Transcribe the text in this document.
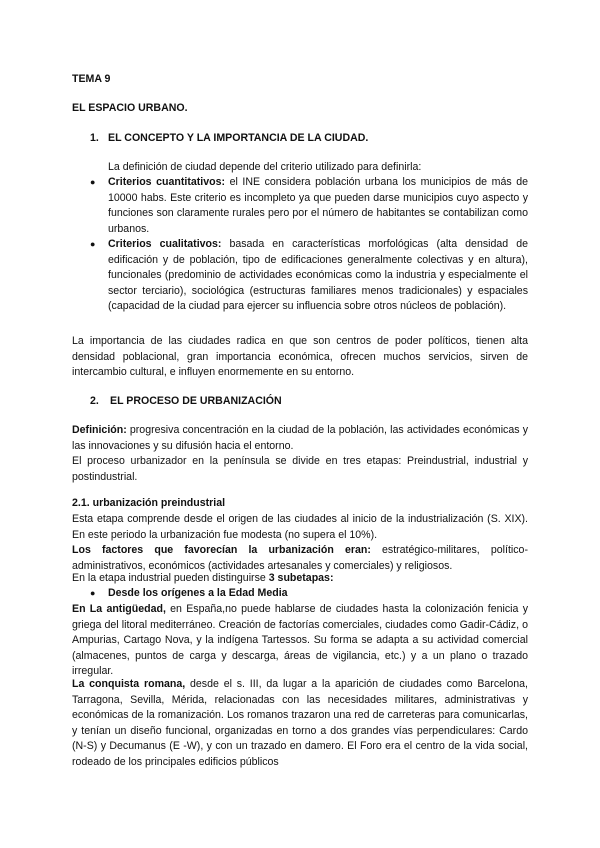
TEMA 9
EL ESPACIO URBANO.
1. EL CONCEPTO Y LA IMPORTANCIA DE LA CIUDAD.
La definición de ciudad depende del criterio utilizado para definirla:
●	Criterios cuantitativos: el INE considera población urbana los municipios de más de 10000 habs. Este criterio es incompleto ya que pueden darse municipios cuyo aspecto y funciones son claramente rurales pero por el número de habitantes se contabilizan como urbanos.
●	Criterios cualitativos: basada en características morfológicas (alta densidad de edificación y de población, tipo de edificaciones generalmente colectivas y en altura), funcionales (predominio de actividades económicas como la industria y especialmente el sector terciario), sociológica (estructuras familiares menos tradicionales) y espaciales (capacidad de la ciudad para ejercer su influencia sobre otros núcleos de población).
La importancia de las ciudades radica en que son centros de poder políticos, tienen alta densidad poblacional, gran importancia económica, ofrecen muchos servicios, sirven de intercambio cultural, e influyen enormemente en su entorno.
2. EL PROCESO DE URBANIZACIÓN
Definición: progresiva concentración en la ciudad de la población, las actividades económicas y las innovaciones y su difusión hacia el entorno.
El proceso urbanizador en la península se divide en tres etapas: Preindustrial, industrial y postindustrial.
2.1. urbanización preindustrial
Esta etapa comprende desde el origen de las ciudades al inicio de la industrialización (S. XIX). En este periodo la urbanización fue modesta (no supera el 10%).
Los factores que favorecían la urbanización eran: estratégico-militares, político-administrativos, económicos (actividades artesanales y comerciales) y religiosos.
En la etapa industrial pueden distinguirse 3 subetapas:
●	Desde los orígenes a la Edad Media
En La antigüedad, en España,no puede hablarse de ciudades hasta la colonización fenicia y griega del litoral mediterráneo. Creación de factorías comerciales, ciudades como Gadir-Cádiz, o Ampurias, Cartago Nova, y la indígena Tartessos. Su forma se adapta a su actividad comercial (almacenes, puntos de carga y descarga, áreas de vigilancia, etc.) y a un plano o trazado irregular.
La conquista romana, desde el s. III, da lugar a la aparición de ciudades como Barcelona, Tarragona, Sevilla, Mérida, relacionadas con las necesidades militares, administrativas y económicas de la romanización. Los romanos trazaron una red de carreteras para comunicarlas, y tenían un diseño funcional, organizadas en torno a dos grandes vías perpendiculares: Cardo (N-S) y Decumanus (E -W), y con un trazado en damero. El Foro era el centro de la vida social, rodeado de los principales edificios públicos
